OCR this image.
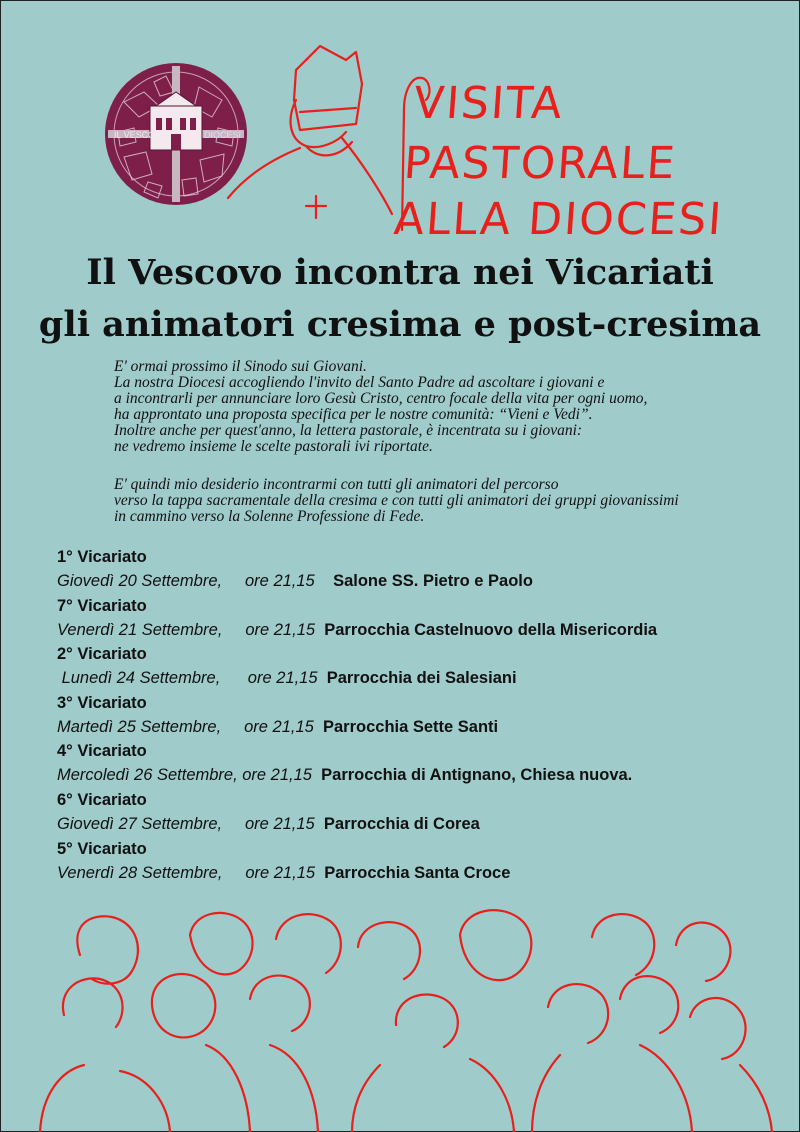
IL VESCOVO	DIOCESI
VISITA
PASTORALE
ALLA DIOCESI
Il Vescovo incontra nei Vicariati
gli animatori cresima e post-cresima
E' ormai prossimo il Sinodo sui Giovani.
La nostra Diocesi accogliendo l'invito del Santo Padre ad ascoltare i giovani e
a incontrarli per annunciare loro Gesù Cristo, centro focale della vita per ogni uomo,
ha approntato una proposta specifica per le nostre comunità: “Vieni e Vedi”.
Inoltre anche per quest'anno, la lettera pastorale, è incentrata su i giovani:
ne vedremo insieme le scelte pastorali ivi riportate.
E' quindi mio desiderio incontrarmi con tutti gli animatori del percorso
verso la tappa sacramentale della cresima e con tutti gli animatori dei gruppi giovanissimi
in cammino verso la Solenne Professione di Fede.
1° Vicariato
Giovedì 20 Settembre,     ore 21,15 Salone SS. Pietro e Paolo
7° Vicariato
Venerdì 21 Settembre,     ore 21,15 Parrocchia Castelnuovo della Misericordia
2° Vicariato
Lunedì 24 Settembre,      ore 21,15 Parrocchia dei Salesiani
3° Vicariato
Martedì 25 Settembre,     ore 21,15 Parrocchia Sette Santi
4° Vicariato
Mercoledì 26 Settembre, ore 21,15 Parrocchia di Antignano, Chiesa nuova.
6° Vicariato
Giovedì 27 Settembre,     ore 21,15 Parrocchia di Corea
5° Vicariato
Venerdì 28 Settembre,     ore 21,15 Parrocchia Santa Croce
